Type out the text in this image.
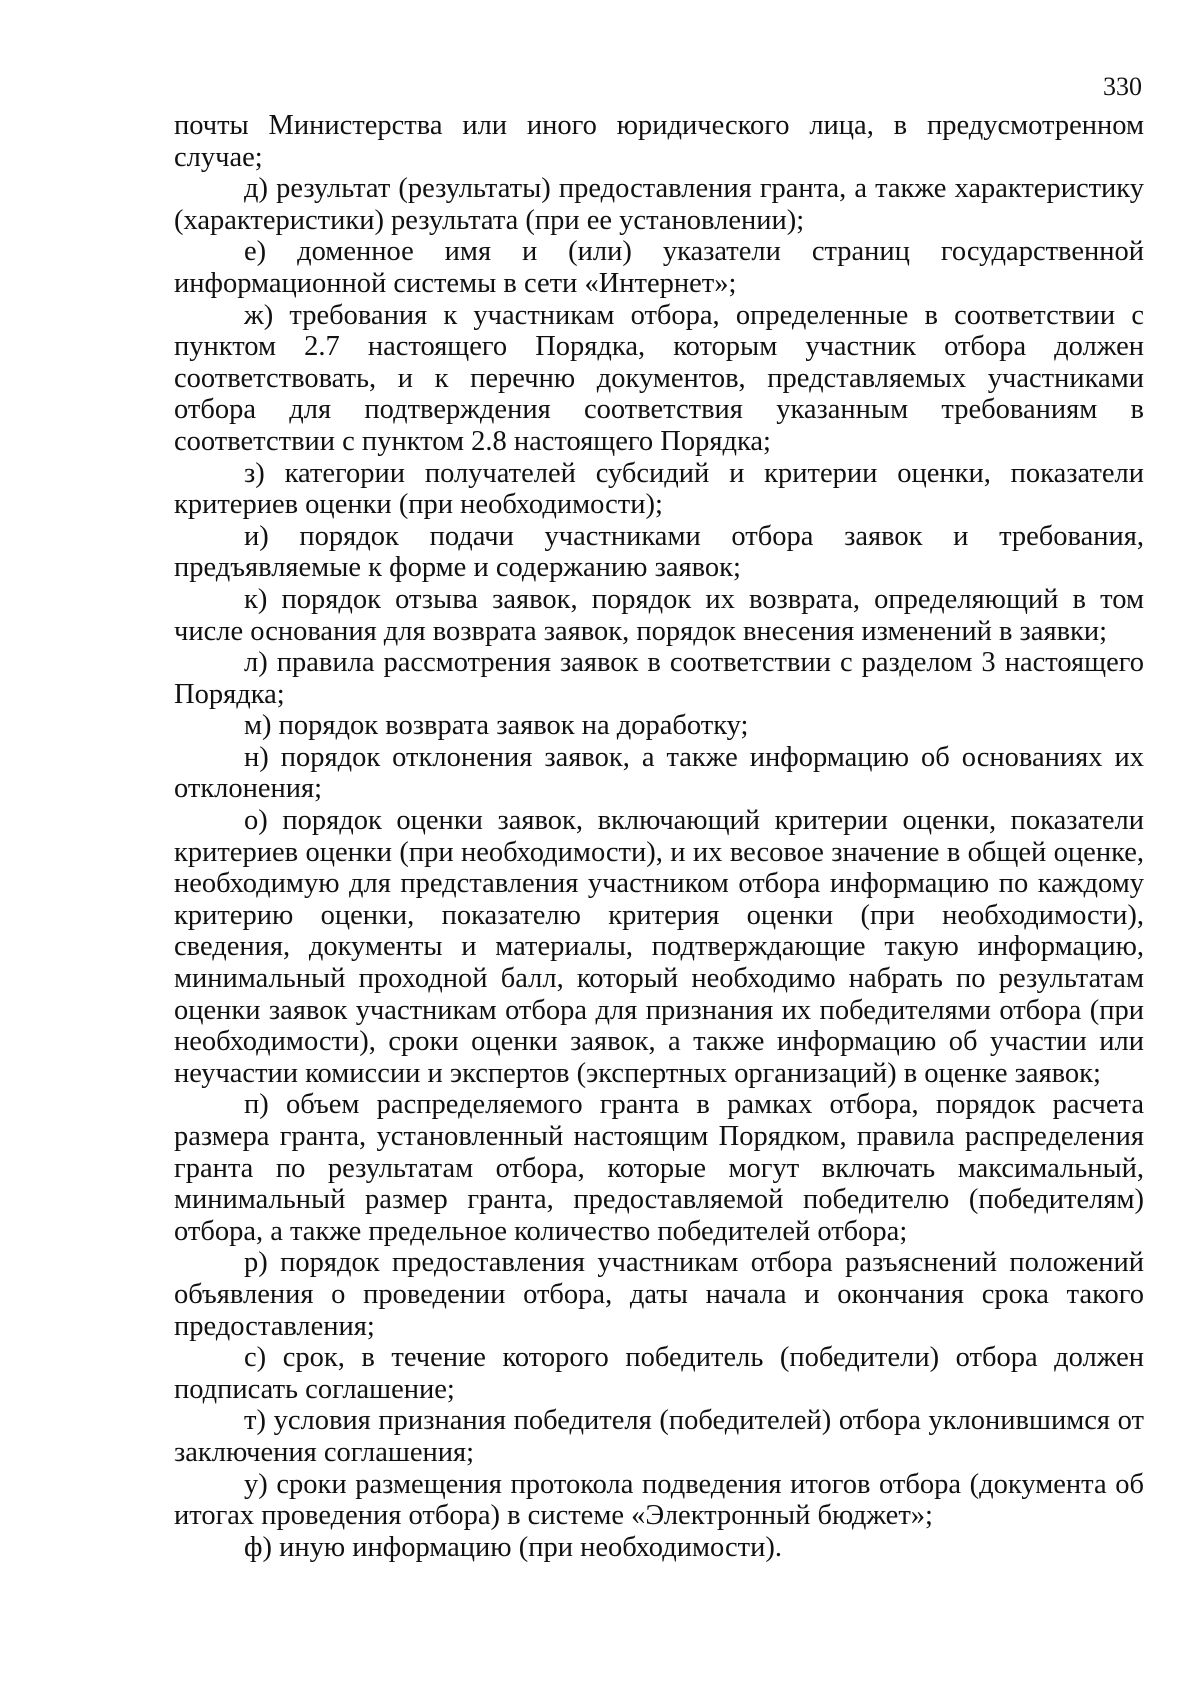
330

почты Министерства или иного юридического лица, в предусмотренном случае;

д) результат (результаты) предоставления гранта, а также характеристику (характеристики) результата (при ее установлении);

е) доменное имя и (или) указатели страниц государственной информационной системы в сети «Интернет»;

ж) требования к участникам отбора, определенные в соответствии с пунктом 2.7 настоящего Порядка, которым участник отбора должен соответствовать, и к перечню документов, представляемых участниками отбора для подтверждения соответствия указанным требованиям в соответствии с пунктом 2.8 настоящего Порядка;

з) категории получателей субсидий и критерии оценки, показатели критериев оценки (при необходимости);

и) порядок подачи участниками отбора заявок и требования, предъявляемые к форме и содержанию заявок;

к) порядок отзыва заявок, порядок их возврата, определяющий в том числе основания для возврата заявок, порядок внесения изменений в заявки;

л) правила рассмотрения заявок в соответствии с разделом 3 настоящего Порядка;

м) порядок возврата заявок на доработку;

н) порядок отклонения заявок, а также информацию об основаниях их отклонения;

о) порядок оценки заявок, включающий критерии оценки, показатели критериев оценки (при необходимости), и их весовое значение в общей оценке, необходимую для представления участником отбора информацию по каждому критерию оценки, показателю критерия оценки (при необходимости), сведения, документы и материалы, подтверждающие такую информацию, минимальный проходной балл, который необходимо набрать по результатам оценки заявок участникам отбора для признания их победителями отбора (при необходимости), сроки оценки заявок, а также информацию об участии или неучастии комиссии и экспертов (экспертных организаций) в оценке заявок;

п) объем распределяемого гранта в рамках отбора, порядок расчета размера гранта, установленный настоящим Порядком, правила распределения гранта по результатам отбора, которые могут включать максимальный, минимальный размер гранта, предоставляемой победителю (победителям) отбора, а также предельное количество победителей отбора;

р) порядок предоставления участникам отбора разъяснений положений объявления о проведении отбора, даты начала и окончания срока такого предоставления;

с) срок, в течение которого победитель (победители) отбора должен подписать соглашение;

т) условия признания победителя (победителей) отбора уклонившимся от заключения соглашения;

у) сроки размещения протокола подведения итогов отбора (документа об итогах проведения отбора) в системе «Электронный бюджет»;

ф) иную информацию (при необходимости).
